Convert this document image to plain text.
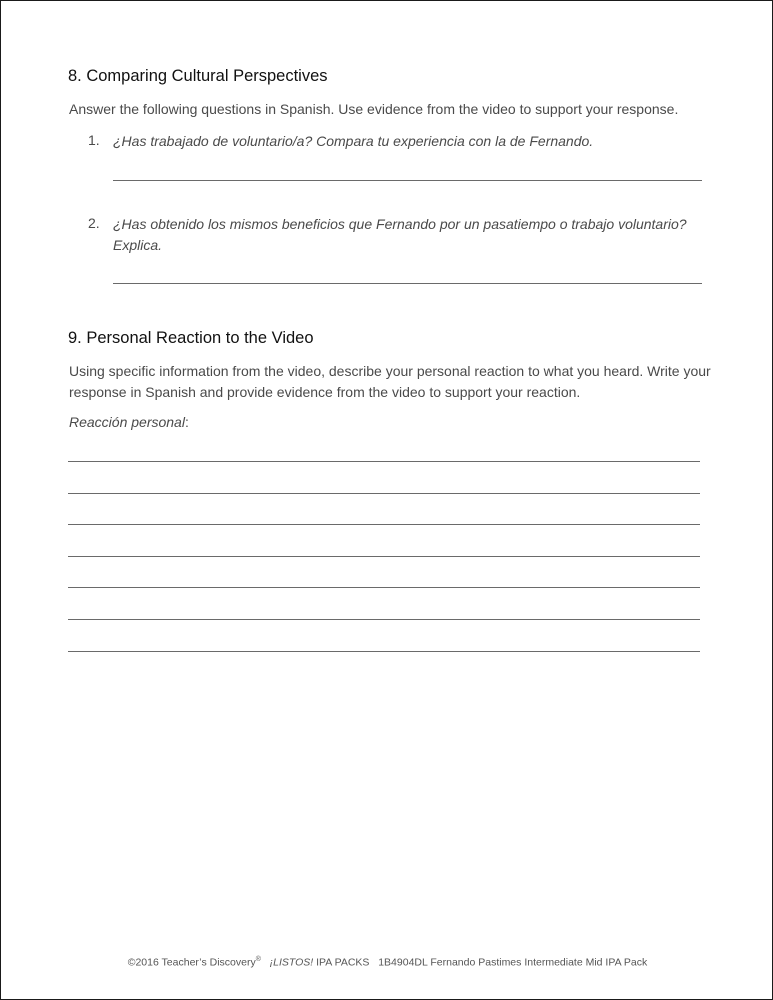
8. Comparing Cultural Perspectives
Answer the following questions in Spanish. Use evidence from the video to support your response.
1. ¿Has trabajado de voluntario/a? Compara tu experiencia con la de Fernando.
2. ¿Has obtenido los mismos beneficios que Fernando por un pasatiempo o trabajo voluntario? Explica.
9. Personal Reaction to the Video
Using specific information from the video, describe your personal reaction to what you heard. Write your response in Spanish and provide evidence from the video to support your reaction.
Reacción personal:
©2016 Teacher’s Discovery® ¡LISTOS! IPA PACKS 1B4904DL Fernando Pastimes Intermediate Mid IPA Pack
